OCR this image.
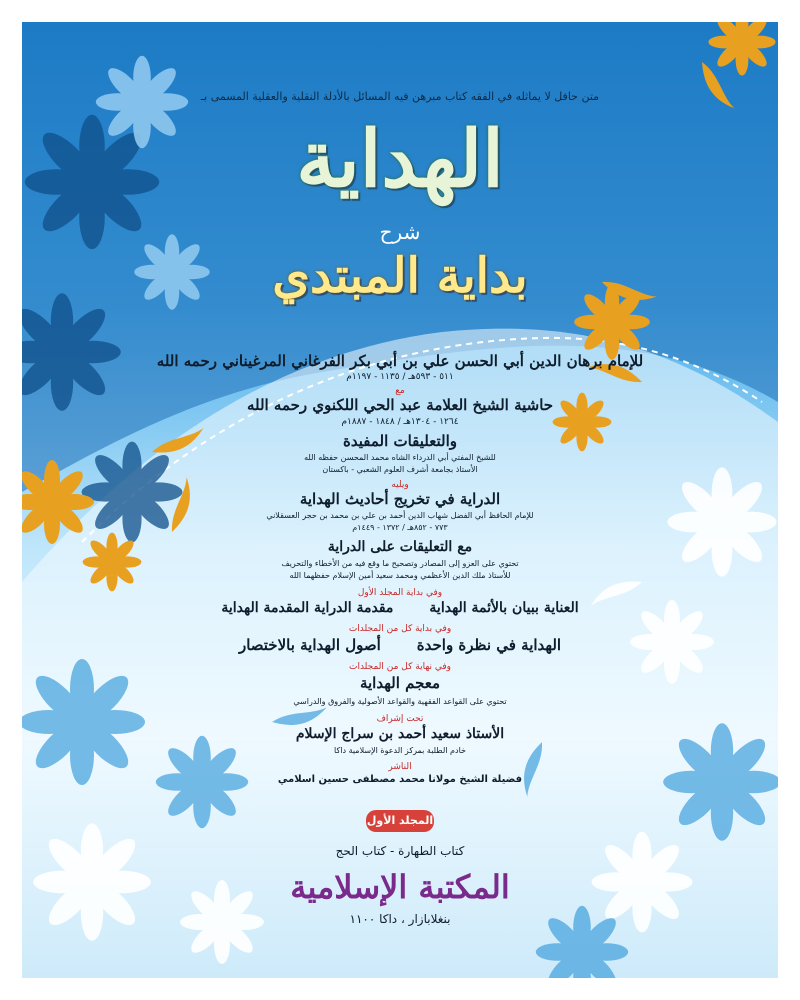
متن حافل لا يماثله في الفقه كتاب مبرهن فيه المسائل بالأدلة النقلية والعقلية المسمى بـ

الهداية

شرح

بداية المبتدي

للإمام برهان الدين أبي الحسن علي بن أبي بكر الفرغاني المرغيناني رحمه الله

٥١١ - ٥٩٣هـ / ١١٣٥ - ١١٩٧م

مع

حاشية الشيخ العلامة عبد الحي اللكنوي رحمه الله

١٢٦٤ - ١٣٠٤هـ / ١٨٤٨ - ١٨٨٧م

والتعليقات المفيدة

للشيخ المفتي أبي الدرداء الشاه محمد المحسن حفظه الله

الأستاذ بجامعة أشرف العلوم الشعبي - باكستان

ويليه

الدراية في تخريج أحاديث الهداية

للإمام الحافظ أبي الفضل شهاب الدين أحمد بن علي بن محمد بن حجر العسقلاني

٧٧٣ - ٨٥٢هـ / ١٣٧٢ - ١٤٤٩م

مع التعليقات على الدراية

تحتوي على العزو إلى المصادر وتصحيح ما وقع فيه من الأخطاء والتحريف

للأستاذ ملك الدين الأعظمي ومحمد سعيد أمين الإسلام حفظهما الله

وفي بداية المجلد الأول

العناية ببيان بالأئمة الهداية
مقدمة الدراية المقدمة الهداية

وفي بداية كل من المجلدات

الهداية في نظرة واحدة
أصول الهداية بالاختصار

وفي نهاية كل من المجلدات

معجم الهداية

تحتوي على القواعد الفقهية والقواعد الأصولية والفروق والدراسي

تحت إشراف

الأستاذ سعيد أحمد بن سراج الإسلام

خادم الطلبة بمركز الدعوة الإسلامية داكا

الناشر

فضيلة الشيخ مولانا محمد مصطفى حسين اسلامي

المجلد الأول

كتاب الطهارة - كتاب الحج

المكتبة الإسلامية

بنغلابازار ، داكا ١١٠٠
